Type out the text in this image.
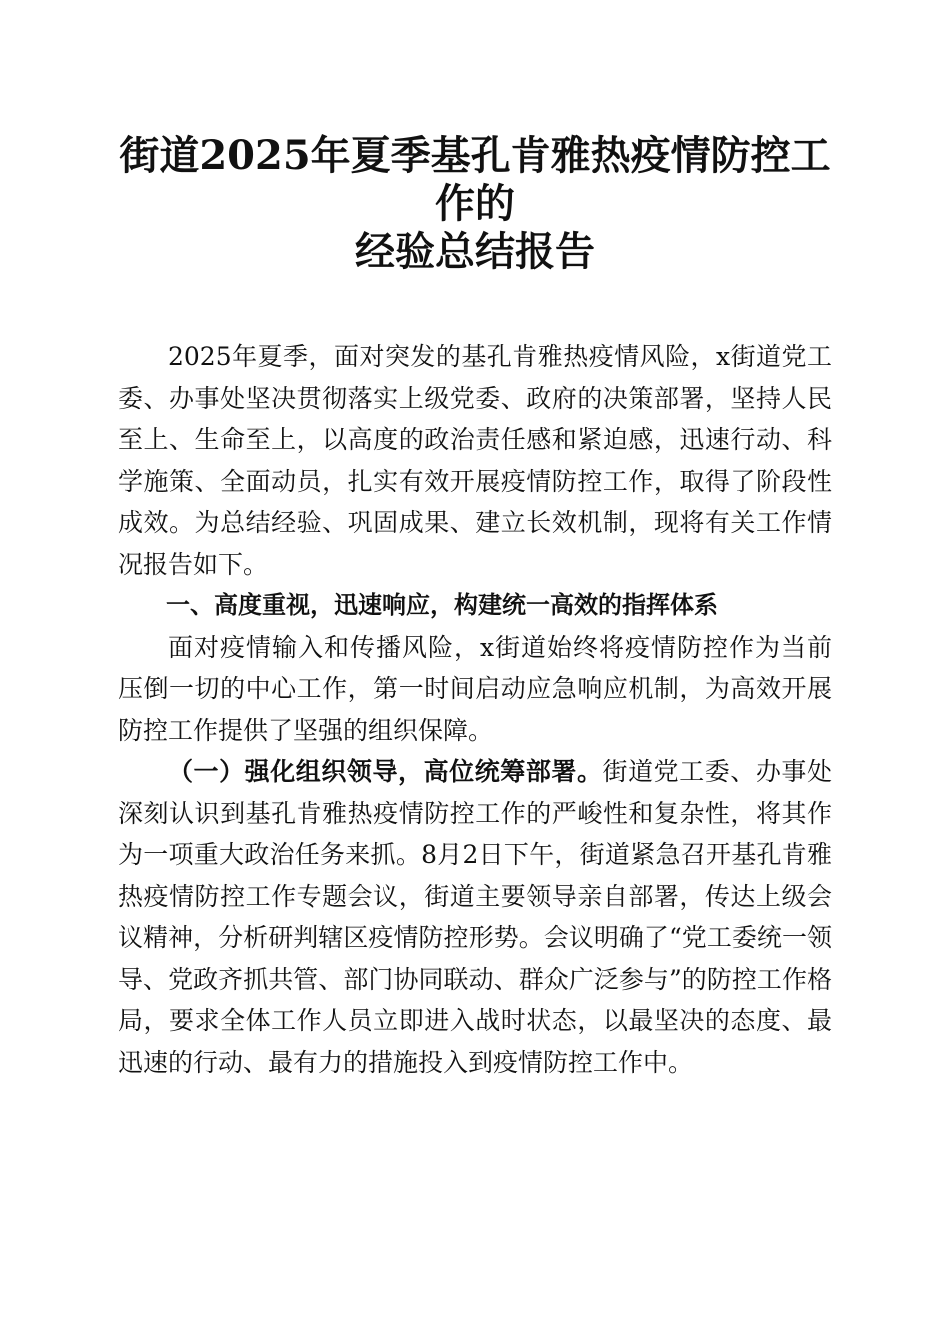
街道2025年夏季基孔肯雅热疫情防控工作的
经验总结报告

2025年夏季，面对突发的基孔肯雅热疫情风险，x街道党工委、办事处坚决贯彻落实上级党委、政府的决策部署，坚持人民至上、生命至上，以高度的政治责任感和紧迫感，迅速行动、科学施策、全面动员，扎实有效开展疫情防控工作，取得了阶段性成效。为总结经验、巩固成果、建立长效机制，现将有关工作情况报告如下。

一、高度重视，迅速响应，构建统一高效的指挥体系

面对疫情输入和传播风险，x街道始终将疫情防控作为当前压倒一切的中心工作，第一时间启动应急响应机制，为高效开展防控工作提供了坚强的组织保障。

（一）强化组织领导，高位统筹部署。街道党工委、办事处深刻认识到基孔肯雅热疫情防控工作的严峻性和复杂性，将其作为一项重大政治任务来抓。8月2日下午，街道紧急召开基孔肯雅热疫情防控工作专题会议，街道主要领导亲自部署，传达上级会议精神，分析研判辖区疫情防控形势。会议明确了“党工委统一领导、党政齐抓共管、部门协同联动、群众广泛参与”的防控工作格局，要求全体工作人员立即进入战时状态，以最坚决的态度、最迅速的行动、最有力的措施投入到疫情防控工作中。
